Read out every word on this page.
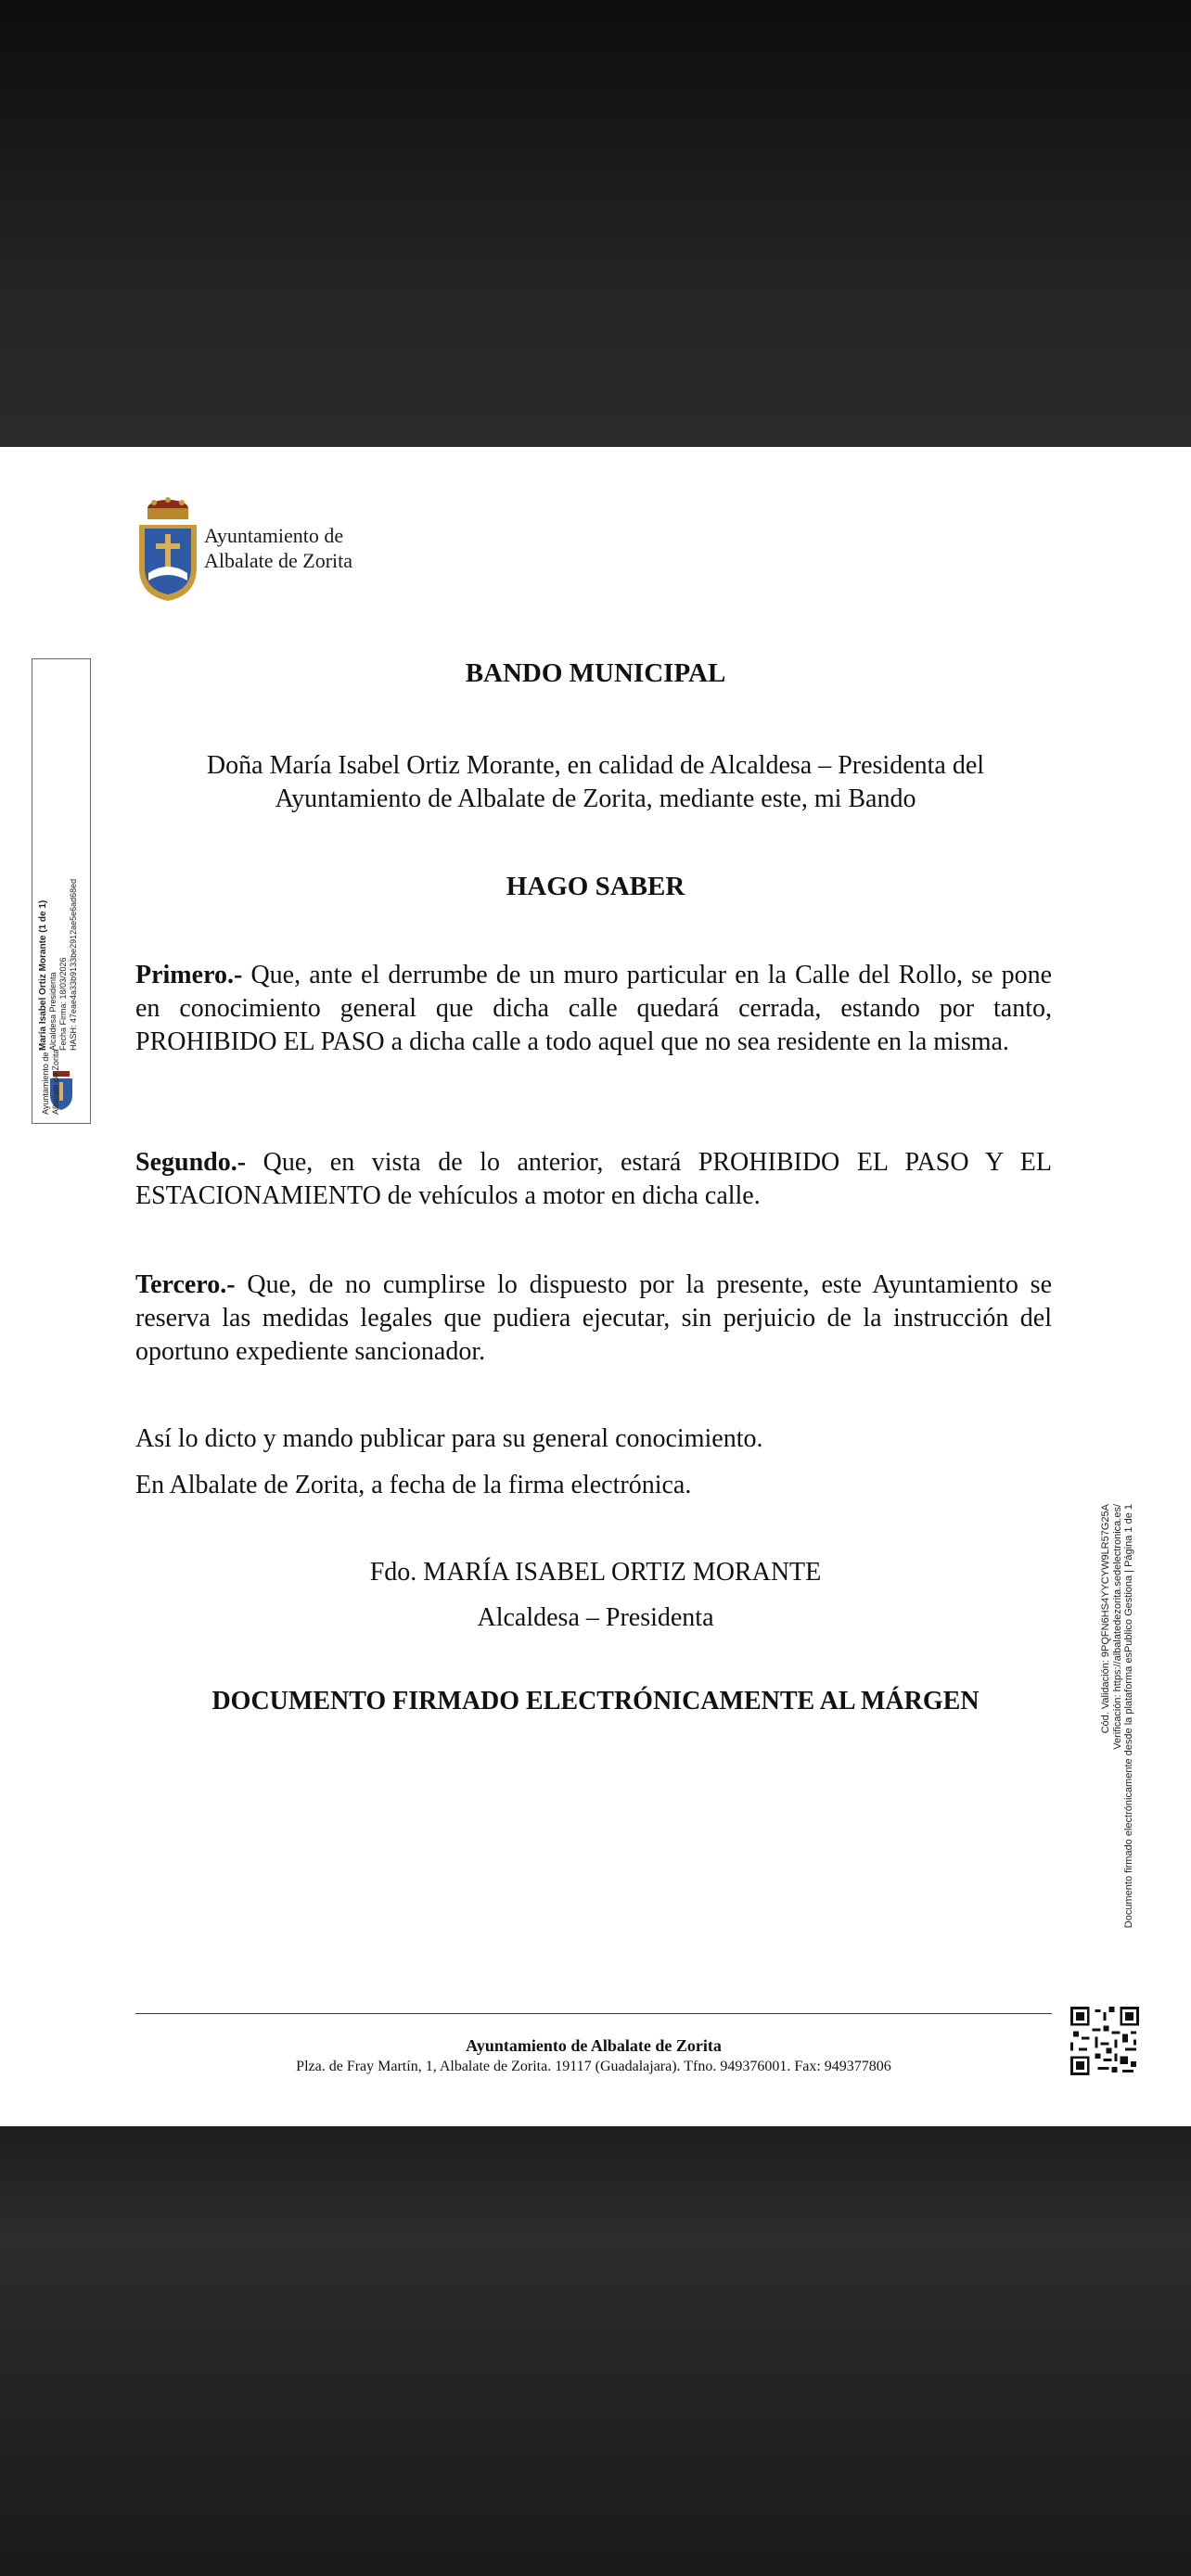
Ayuntamiento de
Albalate de Zorita
María Isabel Ortiz Morante (1 de 1) Alcaldesa Presidenta Fecha Firma: 18/03/2026 HASH: 47eae4a33b9133be2912ae5e6ad68ed
Ayuntamiento de Albalate de Zorita
BANDO MUNICIPAL
Doña María Isabel Ortiz Morante, en calidad de Alcaldesa – Presidenta del
Ayuntamiento de Albalate de Zorita, mediante este, mi Bando
HAGO SABER
Primero.- Que, ante el derrumbe de un muro particular en la Calle del Rollo, se pone en conocimiento general que dicha calle quedará cerrada, estando por tanto, PROHIBIDO EL PASO a dicha calle a todo aquel que no sea residente en la misma.
Segundo.- Que, en vista de lo anterior, estará PROHIBIDO EL PASO Y EL ESTACIONAMIENTO de vehículos a motor en dicha calle.
Tercero.- Que, de no cumplirse lo dispuesto por la presente, este Ayuntamiento se reserva las medidas legales que pudiera ejecutar, sin perjuicio de la instrucción del oportuno expediente sancionador.
Así lo dicto y mando publicar para su general conocimiento.
En Albalate de Zorita, a fecha de la firma electrónica.
Fdo. MARÍA ISABEL ORTIZ MORANTE
Alcaldesa – Presidenta
DOCUMENTO FIRMADO ELECTRÓNICAMENTE AL MÁRGEN	Cód. Validación: 9PQFN6HS4YYCYW9LR57G25A Verificación: https://albalatedezorita.sedelectronica.es/ Documento firmado electrónicamente desde la plataforma esPublico Gestiona | Página 1 de 1
Ayuntamiento de Albalate de Zorita
Plza. de Fray Martín, 1, Albalate de Zorita. 19117 (Guadalajara). Tfno. 949376001. Fax: 949377806
